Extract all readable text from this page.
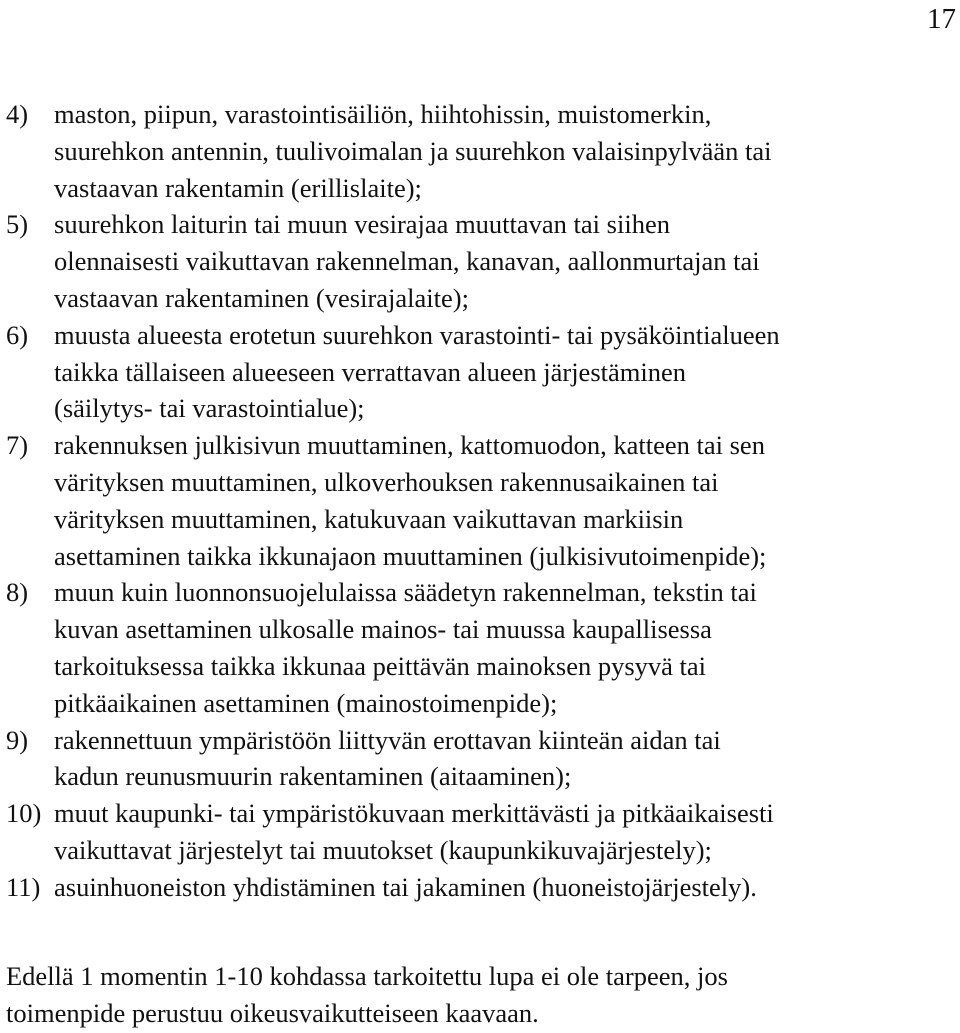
17
4) maston, piipun, varastointisäiliön, hiihtohissin, muistomerkin,
suurehkon antennin, tuulivoimalan ja suurehkon valaisinpylvään tai
vastaavan rakentamin (erillislaite);
5) suurehkon laiturin tai muun vesirajaa muuttavan tai siihen
olennaisesti vaikuttavan rakennelman, kanavan, aallonmurtajan tai
vastaavan rakentaminen (vesirajalaite);
6) muusta alueesta erotetun suurehkon varastointi- tai pysäköintialueen
taikka tällaiseen alueeseen verrattavan alueen järjestäminen
(säilytys- tai varastointialue);
7) rakennuksen julkisivun muuttaminen, kattomuodon, katteen tai sen
värityksen muuttaminen, ulkoverhouksen rakennusaikainen tai
värityksen muuttaminen, katukuvaan vaikuttavan markiisin
asettaminen taikka ikkunajaon muuttaminen (julkisivutoimenpide);
8) muun kuin luonnonsuojelulaissa säädetyn rakennelman, tekstin tai
kuvan asettaminen ulkosalle mainos- tai muussa kaupallisessa
tarkoituksessa taikka ikkunaa peittävän mainoksen pysyvä tai
pitkäaikainen asettaminen (mainostoimenpide);
9) rakennettuun ympäristöön liittyvän erottavan kiinteän aidan tai
kadun reunusmuurin rakentaminen (aitaaminen);
10) muut kaupunki- tai ympäristökuvaan merkittävästi ja pitkäaikaisesti
vaikuttavat järjestelyt tai muutokset (kaupunkikuvajärjestely);
11) asuinhuoneiston yhdistäminen tai jakaminen (huoneistojärjestely).

Edellä 1 momentin 1-10 kohdassa tarkoitettu lupa ei ole tarpeen, jos
toimenpide perustuu oikeusvaikutteiseen kaavaan.
